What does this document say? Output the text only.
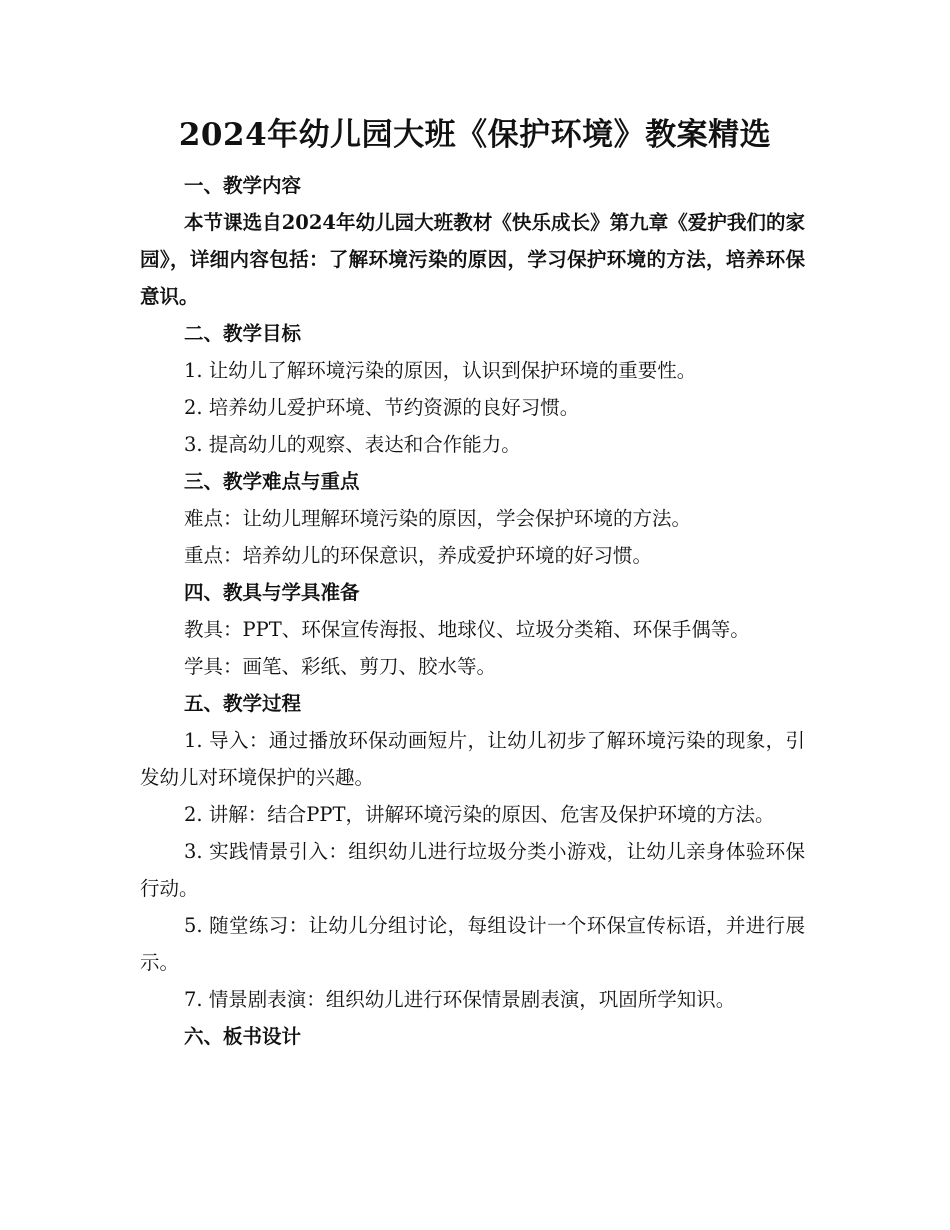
2024年幼儿园大班《保护环境》教案精选

一、教学内容

本节课选自2024年幼儿园大班教材《快乐成长》第九章《爱护我们的家园》，详细内容包括：了解环境污染的原因，学习保护环境的方法，培养环保意识。

二、教学目标

1. 让幼儿了解环境污染的原因，认识到保护环境的重要性。

2. 培养幼儿爱护环境、节约资源的良好习惯。

3. 提高幼儿的观察、表达和合作能力。

三、教学难点与重点

难点：让幼儿理解环境污染的原因，学会保护环境的方法。

重点：培养幼儿的环保意识，养成爱护环境的好习惯。

四、教具与学具准备

教具：PPT、环保宣传海报、地球仪、垃圾分类箱、环保手偶等。

学具：画笔、彩纸、剪刀、胶水等。

五、教学过程

1. 导入：通过播放环保动画短片，让幼儿初步了解环境污染的现象，引发幼儿对环境保护的兴趣。

2. 讲解：结合PPT，讲解环境污染的原因、危害及保护环境的方法。

3. 实践情景引入：组织幼儿进行垃圾分类小游戏，让幼儿亲身体验环保行动。

5. 随堂练习：让幼儿分组讨论，每组设计一个环保宣传标语，并进行展示。

7. 情景剧表演：组织幼儿进行环保情景剧表演，巩固所学知识。

六、板书设计
